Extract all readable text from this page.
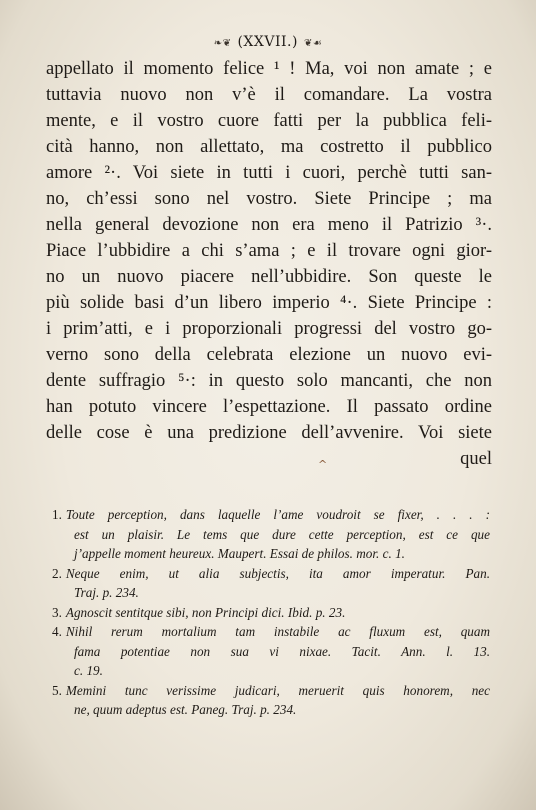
❧❦ (XXVII.) ❦☙
appellato il momento felice ¹ ! Ma, voi non amate ; e
tuttavia nuovo non v’è il comandare. La vostra
mente, e il vostro cuore fatti per la pubblica feli-
cità hanno, non allettato, ma costretto il pubblico
amore ²·. Voi siete in tutti i cuori, perchè tutti san-
no, ch’essi sono nel vostro. Siete Principe ; ma
nella general devozione non era meno il Patrizio ³·.
Piace l’ubbidire a chi s’ama ; e il trovare ogni gior-
no un nuovo piacere nell’ubbidire. Son queste le
più solide basi d’un libero imperio ⁴·. Siete Principe :
i prim’atti, e i proporzionali progressi del vostro go-
verno sono della celebrata elezione un nuovo evi-
dente suffragio ⁵·: in questo solo mancanti, che non
han potuto vincere l’espettazione. Il passato ordine
delle cose è una predizione dell’avvenire. Voi siete
quel
^
1. Toute perception, dans laquelle l’ame voudroit se fixer, . . . :
est un plaisir. Le tems que dure cette perception, est ce que
j’appelle moment heureux. Maupert. Essai de philos. mor. c. 1.
2. Neque enim, ut alia subjectis, ita amor imperatur. Pan.
Traj. p. 234.
3. Agnoscit sentitque sibi, non Principi dici. Ibid. p. 23.
4. Nihil rerum mortalium tam instabile ac fluxum est, quam
fama potentiae non sua vi nixae. Tacit. Ann. l. 13.
c. 19.
5. Memini tunc verissime judicari, meruerit quis honorem, nec
ne, quum adeptus est. Paneg. Traj. p. 234.
